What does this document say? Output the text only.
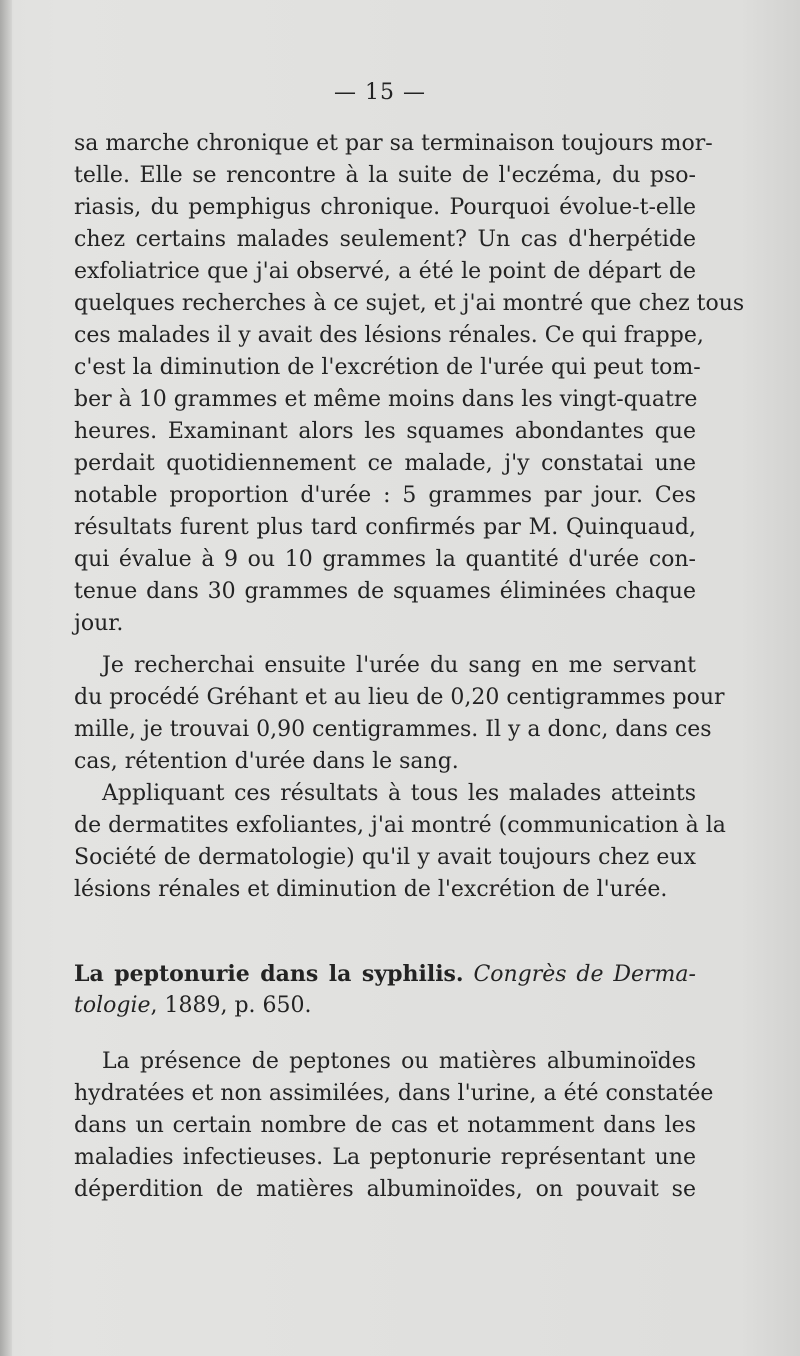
— 15 —
sa marche chronique et par sa terminaison toujours mor-
telle. Elle se rencontre à la suite de l'eczéma, du pso-
riasis, du pemphigus chronique. Pourquoi évolue-t-elle
chez certains malades seulement? Un cas d'herpétide
exfoliatrice que j'ai observé, a été le point de départ de
quelques recherches à ce sujet, et j'ai montré que chez tous
ces malades il y avait des lésions rénales. Ce qui frappe,
c'est la diminution de l'excrétion de l'urée qui peut tom-
ber à 10 grammes et même moins dans les vingt-quatre
heures. Examinant alors les squames abondantes que
perdait quotidiennement ce malade, j'y constatai une
notable proportion d'urée : 5 grammes par jour. Ces
résultats furent plus tard confirmés par M. Quinquaud,
qui évalue à 9 ou 10 grammes la quantité d'urée con-
tenue dans 30 grammes de squames éliminées chaque
jour.
Je recherchai ensuite l'urée du sang en me servant
du procédé Gréhant et au lieu de 0,20 centigrammes pour
mille, je trouvai 0,90 centigrammes. Il y a donc, dans ces
cas, rétention d'urée dans le sang.
Appliquant ces résultats à tous les malades atteints
de dermatites exfoliantes, j'ai montré (communication à la
Société de dermatologie) qu'il y avait toujours chez eux
lésions rénales et diminution de l'excrétion de l'urée.
La peptonurie dans la syphilis. Congrès de Derma-
tologie, 1889, p. 650.
La présence de peptones ou matières albuminoïdes
hydratées et non assimilées, dans l'urine, a été constatée
dans un certain nombre de cas et notamment dans les
maladies infectieuses. La peptonurie représentant une
déperdition de matières albuminoïdes, on pouvait se
